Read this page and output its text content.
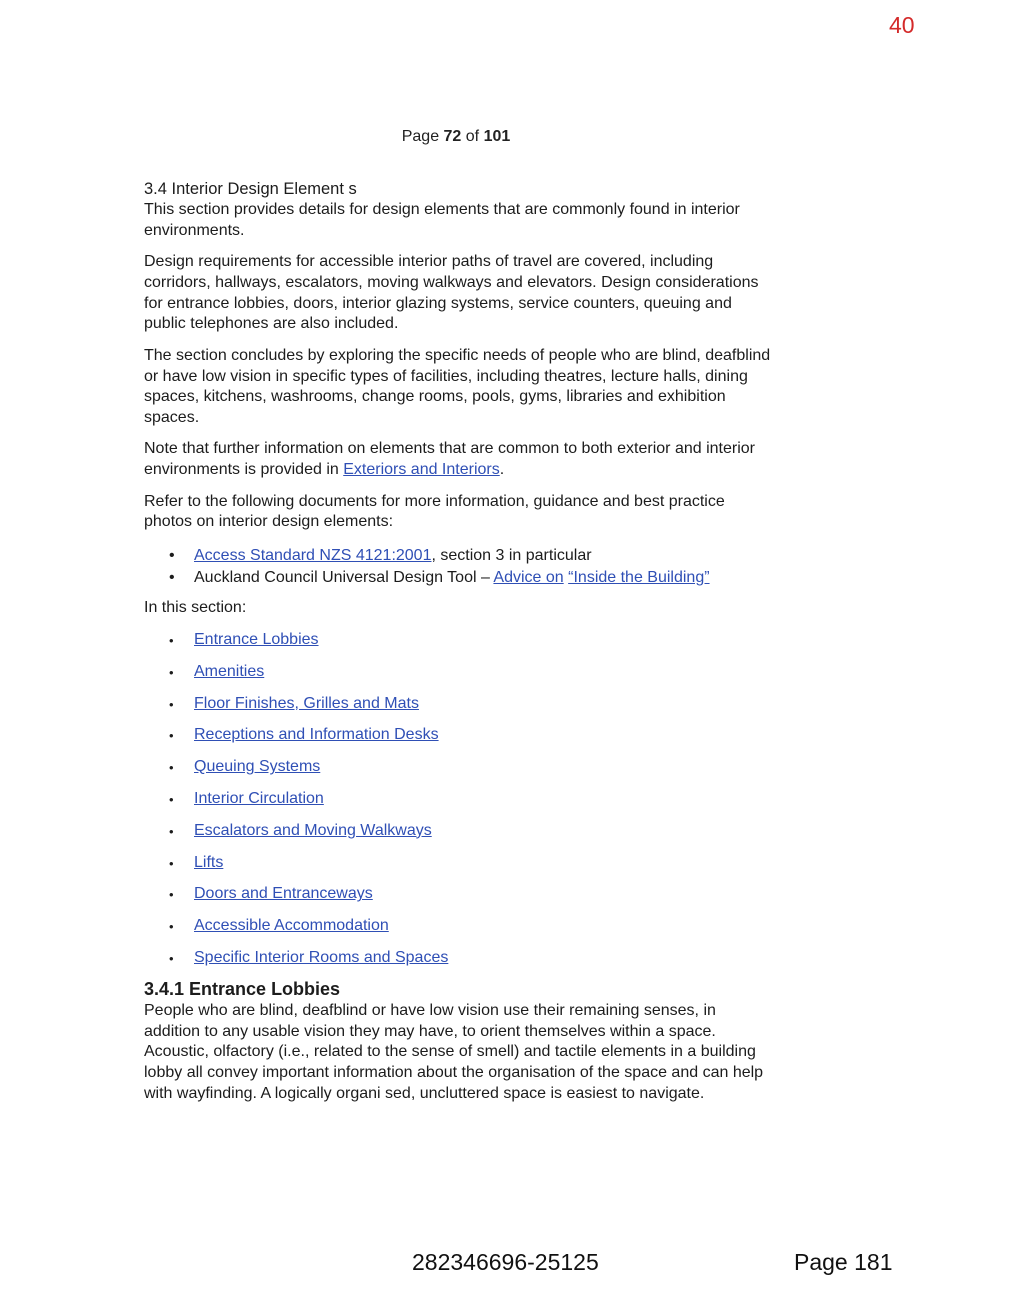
40
Page 72 of 101
3.4 Interior Design Element s

This section provides details for design elements that are commonly found in interior environments.

Design requirements for accessible interior paths of travel are covered, including corridors, hallways, escalators, moving walkways and elevators. Design considerations for entrance lobbies, doors, interior glazing systems, service counters, queuing and public telephones are also included.

The section concludes by exploring the specific needs of people who are blind, deafblind or have low vision in specific types of facilities, including theatres, lecture halls, dining spaces, kitchens, washrooms, change rooms, pools, gyms, libraries and exhibition spaces.

Note that further information on elements that are common to both exterior and interior environments is provided in Exteriors and Interiors.

Refer to the following documents for more information, guidance and best practice photos on interior design elements:

• Access Standard NZS 4121:2001, section 3 in particular
• Auckland Council Universal Design Tool – Advice on “Inside the Building”

In this section:

• Entrance Lobbies
• Amenities
• Floor Finishes, Grilles and Mats
• Receptions and Information Desks
• Queuing Systems
• Interior Circulation
• Escalators and Moving Walkways
• Lifts
• Doors and Entranceways
• Accessible Accommodation
• Specific Interior Rooms and Spaces
3.4.1 Entrance Lobbies

People who are blind, deafblind or have low vision use their remaining senses, in addition to any usable vision they may have, to orient themselves within a space. Acoustic, olfactory (i.e., related to the sense of smell) and tactile elements in a building lobby all convey important information about the organisation of the space and can help with wayfinding. A logically organi sed, uncluttered space is easiest to navigate.

282346696-25125	Page 181
